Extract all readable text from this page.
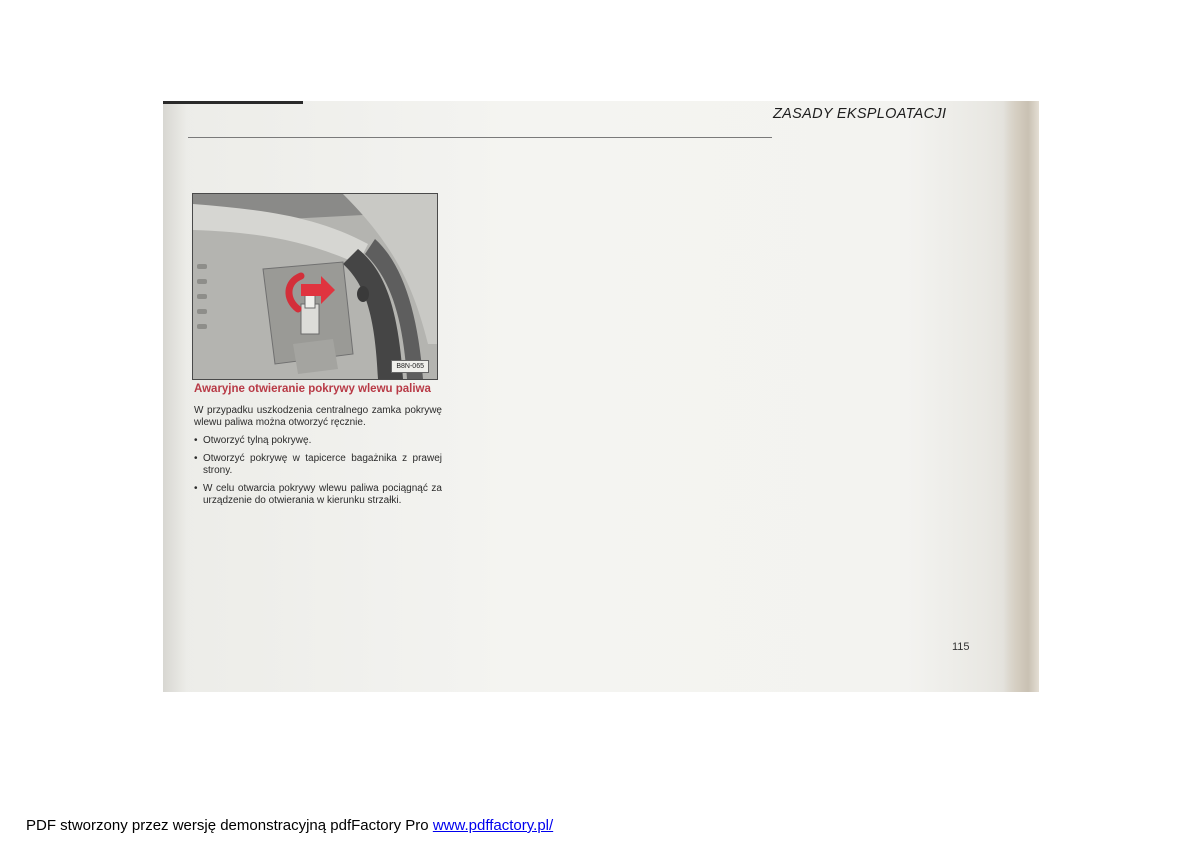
ZASADY EKSPLOATACJI
B8N-065
Awaryjne otwieranie pokrywy wlewu paliwa

W przypadku uszkodzenia centralnego zamka pokrywę wlewu paliwa można otworzyć ręcznie.

• Otworzyć tylną pokrywę.
• Otworzyć pokrywę w tapicerce bagażnika z prawej strony.
• W celu otwarcia pokrywy wlewu paliwa pociągnąć za urządzenie do otwierania w kierunku strzałki.
115
PDF stworzony przez wersję demonstracyjną pdfFactory Pro www.pdffactory.pl/
